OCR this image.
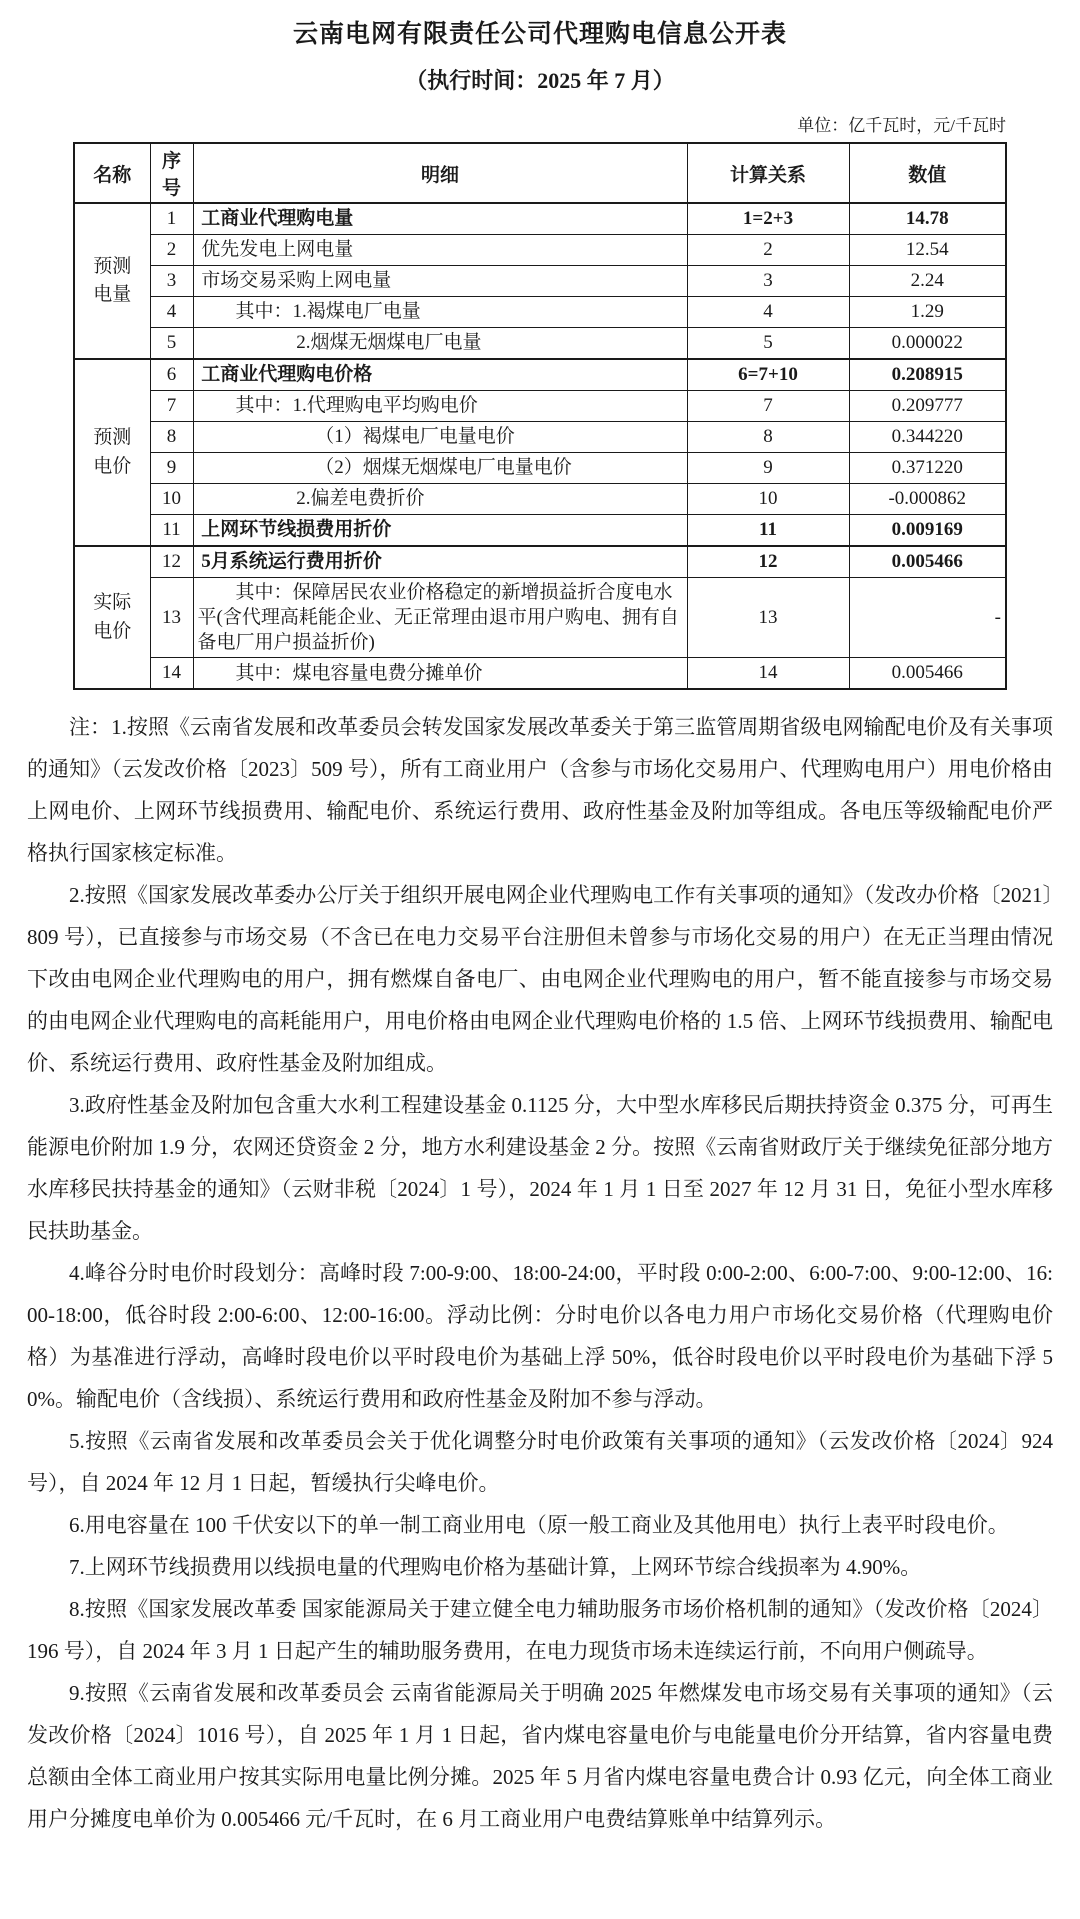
云南电网有限责任公司代理购电信息公开表
（执行时间：2025 年 7 月）
单位：亿千瓦时，元/千瓦时
名称	序号	明细	计算关系	数值

预测
电量	1	工商业代理购电量	1=2+3	14.78
	2	优先发电上网电量	2	12.54
	3	市场交易采购上网电量	3	2.24
	4	其中：1.褐煤电厂电量	4	1.29
	5	2.烟煤无烟煤电厂电量	5	0.000022

预测
电价	6	工商业代理购电价格	6=7+10	0.208915
	7	其中：1.代理购电平均购电价	7	0.209777
	8	（1）褐煤电厂电量电价	8	0.344220
	9	（2）烟煤无烟煤电厂电量电价	9	0.371220
	10	2.偏差电费折价	10	-0.000862
	11	上网环节线损费用折价	11	0.009169

实际
电价	12	5月系统运行费用折价	12	0.005466
	13	其中：保障居民农业价格稳定的新增损益折合度电水平(含代理高耗能企业、无正常理由退市用户购电、拥有自备电厂用户损益折价)	13	-
	14	其中：煤电容量电费分摊单价	14	0.005466

注：1.按照《云南省发展和改革委员会转发国家发展改革委关于第三监管周期省级电网输配电价及有关事项的通知》（云发改价格〔2023〕509 号），所有工商业用户（含参与市场化交易用户、代理购电用户）用电价格由上网电价、上网环节线损费用、输配电价、系统运行费用、政府性基金及附加等组成。各电压等级输配电价严格执行国家核定标准。

2.按照《国家发展改革委办公厅关于组织开展电网企业代理购电工作有关事项的通知》（发改办价格〔2021〕809 号），已直接参与市场交易（不含已在电力交易平台注册但未曾参与市场化交易的用户）在无正当理由情况下改由电网企业代理购电的用户，拥有燃煤自备电厂、由电网企业代理购电的用户，暂不能直接参与市场交易的由电网企业代理购电的高耗能用户，用电价格由电网企业代理购电价格的 1.5 倍、上网环节线损费用、输配电价、系统运行费用、政府性基金及附加组成。

3.政府性基金及附加包含重大水利工程建设基金 0.1125 分，大中型水库移民后期扶持资金 0.375 分，可再生能源电价附加 1.9 分，农网还贷资金 2 分，地方水利建设基金 2 分。按照《云南省财政厅关于继续免征部分地方水库移民扶持基金的通知》（云财非税〔2024〕1 号），2024 年 1 月 1 日至 2027 年 12 月 31 日，免征小型水库移民扶助基金。

4.峰谷分时电价时段划分：高峰时段 7:00-9:00、18:00-24:00，平时段 0:00-2:00、6:00-7:00、9:00-12:00、16:00-18:00，低谷时段 2:00-6:00、12:00-16:00。浮动比例：分时电价以各电力用户市场化交易价格（代理购电价格）为基准进行浮动，高峰时段电价以平时段电价为基础上浮 50%，低谷时段电价以平时段电价为基础下浮 50%。输配电价（含线损）、系统运行费用和政府性基金及附加不参与浮动。

5.按照《云南省发展和改革委员会关于优化调整分时电价政策有关事项的通知》（云发改价格〔2024〕924 号），自 2024 年 12 月 1 日起，暂缓执行尖峰电价。

6.用电容量在 100 千伏安以下的单一制工商业用电（原一般工商业及其他用电）执行上表平时段电价。

7.上网环节线损费用以线损电量的代理购电价格为基础计算，上网环节综合线损率为 4.90%。

8.按照《国家发展改革委 国家能源局关于建立健全电力辅助服务市场价格机制的通知》（发改价格〔2024〕196 号），自 2024 年 3 月 1 日起产生的辅助服务费用，在电力现货市场未连续运行前，不向用户侧疏导。

9.按照《云南省发展和改革委员会 云南省能源局关于明确 2025 年燃煤发电市场交易有关事项的通知》（云发改价格〔2024〕1016 号），自 2025 年 1 月 1 日起，省内煤电容量电价与电能量电价分开结算，省内容量电费总额由全体工商业用户按其实际用电量比例分摊。2025 年 5 月省内煤电容量电费合计 0.93 亿元，向全体工商业用户分摊度电单价为 0.005466 元/千瓦时，在 6 月工商业用户电费结算账单中结算列示。
